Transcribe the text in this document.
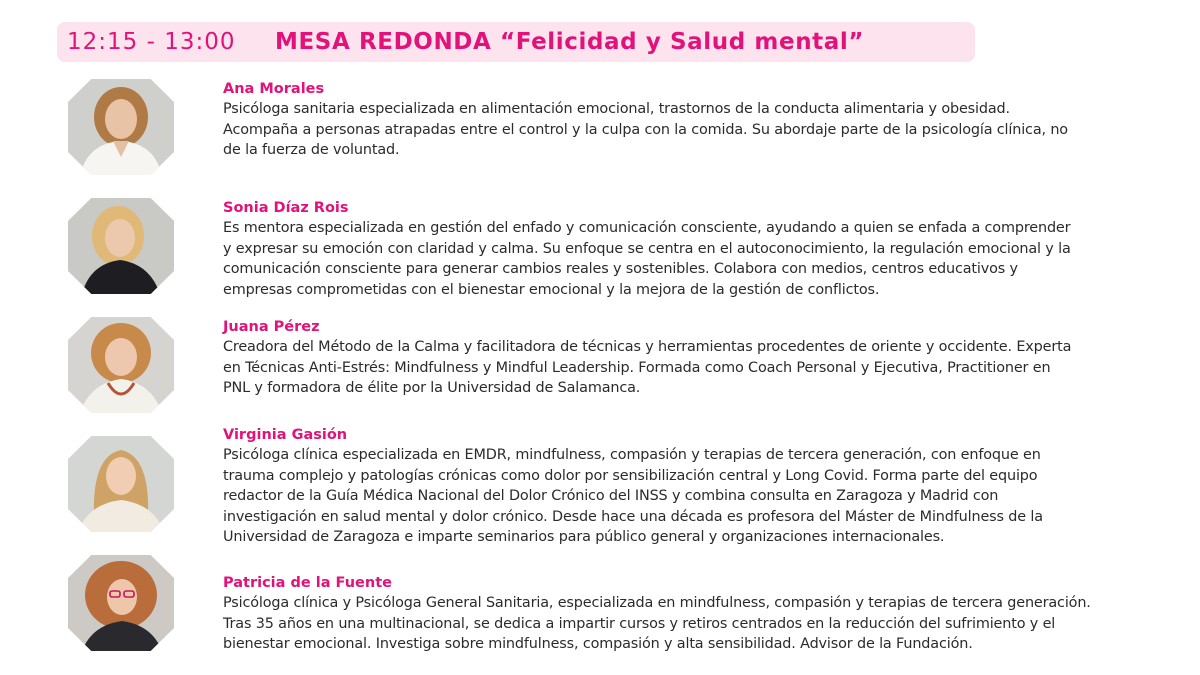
12:15 - 13:00	MESA REDONDA “Felicidad y Salud mental”
Ana Morales

Psicóloga sanitaria especializada en alimentación emocional, trastornos de la conducta alimentaria y obesidad.
Acompaña a personas atrapadas entre el control y la culpa con la comida. Su abordaje parte de la psicología clínica, no
de la fuerza de voluntad.

Sonia Díaz Rois

Es mentora especializada en gestión del enfado y comunicación consciente, ayudando a quien se enfada a comprender
y expresar su emoción con claridad y calma. Su enfoque se centra en el autoconocimiento, la regulación emocional y la
comunicación consciente para generar cambios reales y sostenibles. Colabora con medios, centros educativos y
empresas comprometidas con el bienestar emocional y la mejora de la gestión de conflictos.

Juana Pérez

Creadora del Método de la Calma y facilitadora de técnicas y herramientas procedentes de oriente y occidente. Experta
en Técnicas Anti-Estrés: Mindfulness y Mindful Leadership. Formada como Coach Personal y Ejecutiva, Practitioner en
PNL y formadora de élite por la Universidad de Salamanca.

Virginia Gasión

Psicóloga clínica especializada en EMDR, mindfulness, compasión y terapias de tercera generación, con enfoque en
trauma complejo y patologías crónicas como dolor por sensibilización central y Long Covid. Forma parte del equipo
redactor de la Guía Médica Nacional del Dolor Crónico del INSS y combina consulta en Zaragoza y Madrid con
investigación en salud mental y dolor crónico. Desde hace una década es profesora del Máster de Mindfulness de la
Universidad de Zaragoza e imparte seminarios para público general y organizaciones internacionales.

Patricia de la Fuente

Psicóloga clínica y Psicóloga General Sanitaria, especializada en mindfulness, compasión y terapias de tercera generación.
Tras 35 años en una multinacional, se dedica a impartir cursos y retiros centrados en la reducción del sufrimiento y el
bienestar emocional. Investiga sobre mindfulness, compasión y alta sensibilidad. Advisor de la Fundación.
